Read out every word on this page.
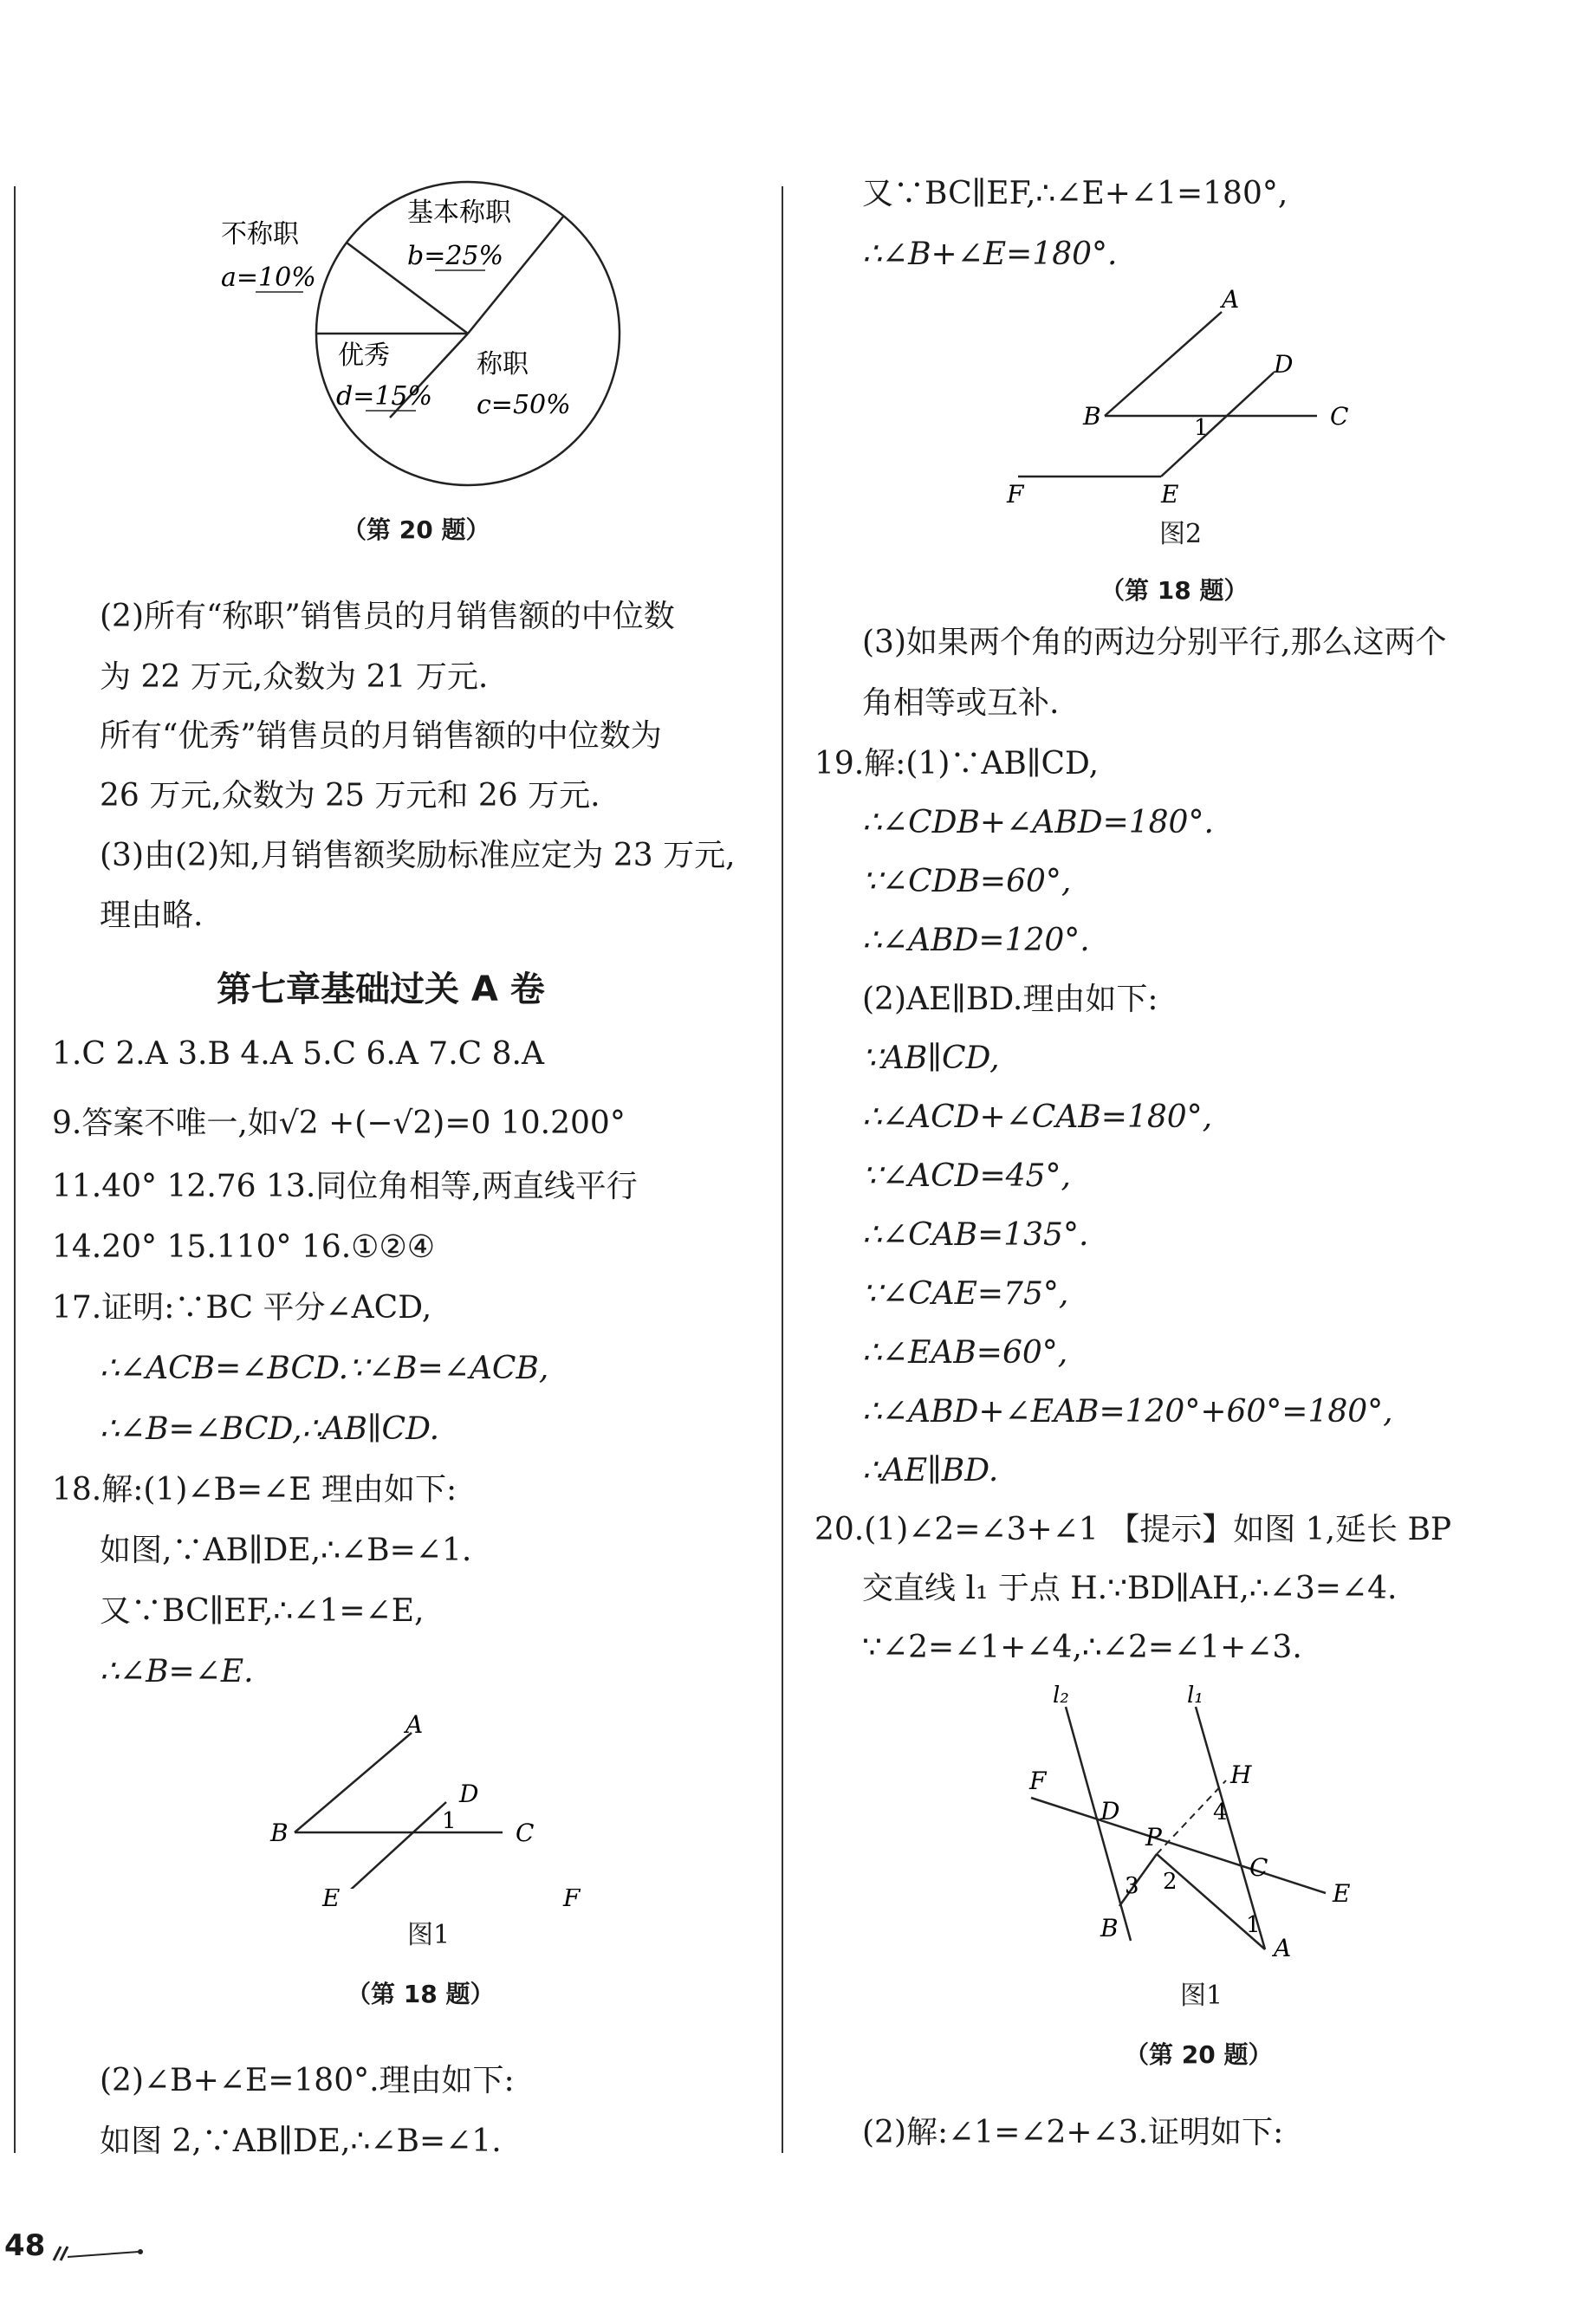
不称职
a=10%
基本称职
b=25%
称职
c=50%
优秀
d=15%
（第 20 题）
(2)所有“称职”销售员的月销售额的中位数
为 22 万元,众数为 21 万元.
所有“优秀”销售员的月销售额的中位数为
26 万元,众数为 25 万元和 26 万元.
(3)由(2)知,月销售额奖励标准应定为 23 万元,
理由略.
第七章基础过关 A 卷
1.C 2.A 3.B 4.A 5.C 6.A 7.C 8.A
9.答案不唯一,如√2 +(−√2)=0 10.200°
11.40° 12.76 13.同位角相等,两直线平行
14.20° 15.110° 16.①②④
17.证明:∵BC 平分∠ACD,
∴∠ACB=∠BCD.∵∠B=∠ACB,
∴∠B=∠BCD,∴AB∥CD.
18.解:(1)∠B=∠E 理由如下:
如图,∵AB∥DE,∴∠B=∠1.
又∵BC∥EF,∴∠1=∠E,
∴∠B=∠E.
A
B	C
D
1
E	F
图1
（第 18 题）
(2)∠B+∠E=180°.理由如下:
如图 2,∵AB∥DE,∴∠B=∠1.
又∵BC∥EF,∴∠E+∠1=180°,
∴∠B+∠E=180°.
A
B	C
D
1
E
F
图2
（第 18 题）
(3)如果两个角的两边分别平行,那么这两个
角相等或互补.
19.解:(1)∵AB∥CD,
∴∠CDB+∠ABD=180°.
∵∠CDB=60°,
∴∠ABD=120°.
(2)AE∥BD.理由如下:
∵AB∥CD,
∴∠ACD+∠CAB=180°,
∵∠ACD=45°,
∴∠CAB=135°.
∵∠CAE=75°,
∴∠EAB=60°,
∴∠ABD+∠EAB=120°+60°=180°,
∴AE∥BD.
20.(1)∠2=∠3+∠1 【提示】如图 1,延长 BP
交直线 l₁ 于点 H.∵BD∥AH,∴∠3=∠4.
∵∠2=∠1+∠4,∴∠2=∠1+∠3.
l₂	l₁
F
D
H
4
P
2	C
E
3
B	1
A
图1
（第 20 题）
(2)解:∠1=∠2+∠3.证明如下:
48
